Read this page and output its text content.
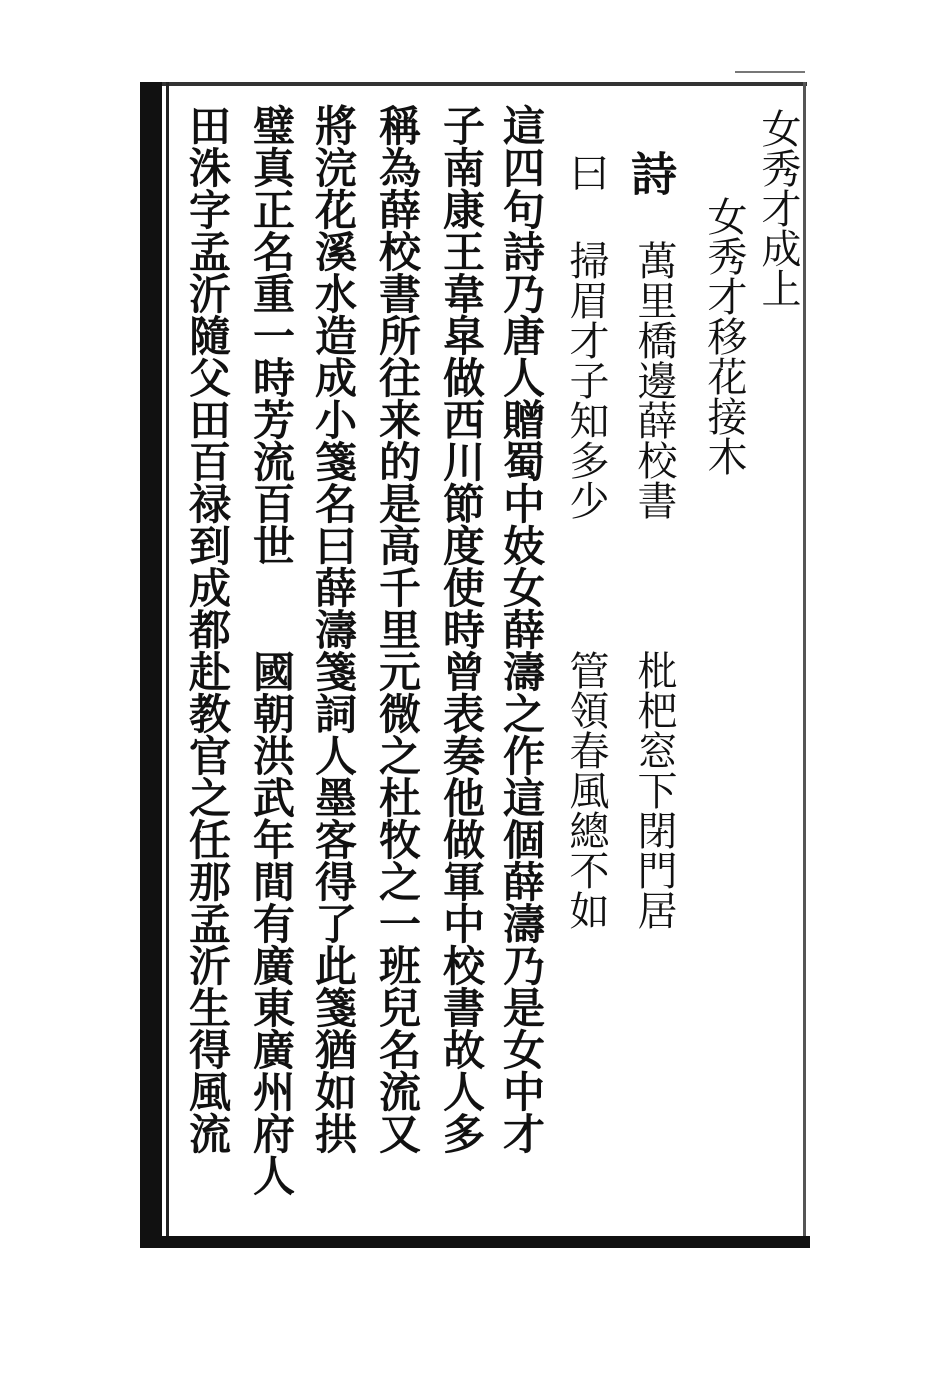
女秀才成上
女秀才移花接木
詩
萬里橋邊薛校書
枇杷窓下閉門居
掃眉才子知多少
管領春風總不如
曰
這四句詩乃唐人贈蜀中妓女薛濤之作這個薛濤乃是女中才
子南康王韋皐做西川節度使時曾表奏他做軍中校書故人多
稱為薛校書所往来的是高千里元微之杜牧之一班兒名流又
將浣花溪水造成小箋名曰薛濤箋詞人墨客得了此箋猶如拱
璧真正名重一時芳流百世
國朝洪武年間有廣東廣州府人
田洙字孟沂隨父田百禄到成都赴教官之任那孟沂生得風流
